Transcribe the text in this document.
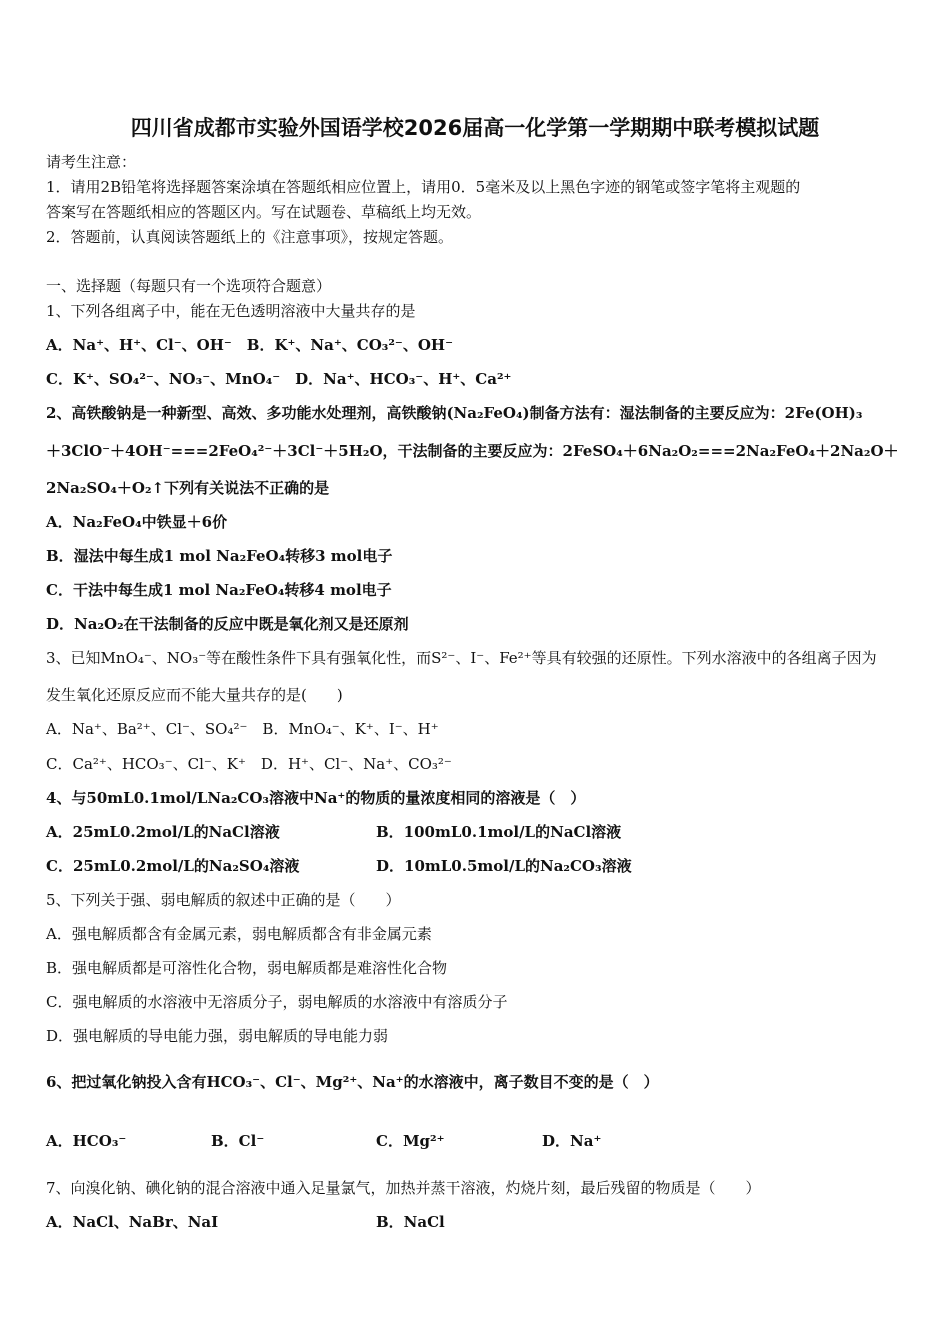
四川省成都市实验外国语学校2026届高一化学第一学期期中联考模拟试题
请考生注意：
1．请用2B铅笔将选择题答案涂填在答题纸相应位置上，请用0．5毫米及以上黑色字迹的钢笔或签字笔将主观题的
答案写在答题纸相应的答题区内。写在试题卷、草稿纸上均无效。
2．答题前，认真阅读答题纸上的《注意事项》，按规定答题。
一、选择题（每题只有一个选项符合题意）
1、下列各组离子中，能在无色透明溶液中大量共存的是
A．Na⁺、H⁺、Cl⁻、OH⁻　B．K⁺、Na⁺、CO₃²⁻、OH⁻
C．K⁺、SO₄²⁻、NO₃⁻、MnO₄⁻　D．Na⁺、HCO₃⁻、H⁺、Ca²⁺
2、高铁酸钠是一种新型、高效、多功能水处理剂，高铁酸钠(Na₂FeO₄)制备方法有：湿法制备的主要反应为：2Fe(OH)₃
＋3ClO⁻＋4OH⁻===2FeO₄²⁻＋3Cl⁻＋5H₂O，干法制备的主要反应为：2FeSO₄＋6Na₂O₂===2Na₂FeO₄＋2Na₂O＋
2Na₂SO₄＋O₂↑下列有关说法不正确的是
A．Na₂FeO₄中铁显＋6价
B．湿法中每生成1 mol Na₂FeO₄转移3 mol电子
C．干法中每生成1 mol Na₂FeO₄转移4 mol电子
D．Na₂O₂在干法制备的反应中既是氧化剂又是还原剂
3、已知MnO₄⁻、NO₃⁻等在酸性条件下具有强氧化性，而S²⁻、I⁻、Fe²⁺等具有较强的还原性。下列水溶液中的各组离子因为
发生氧化还原反应而不能大量共存的是(　　)
A．Na⁺、Ba²⁺、Cl⁻、SO₄²⁻　B．MnO₄⁻、K⁺、I⁻、H⁺
C．Ca²⁺、HCO₃⁻、Cl⁻、K⁺　D．H⁺、Cl⁻、Na⁺、CO₃²⁻
4、与50mL0.1mol/LNa₂CO₃溶液中Na⁺的物质的量浓度相同的溶液是（　）
A．25mL0.2mol/L的NaCl溶液	B．100mL0.1mol/L的NaCl溶液
C．25mL0.2mol/L的Na₂SO₄溶液	D．10mL0.5mol/L的Na₂CO₃溶液
5、下列关于强、弱电解质的叙述中正确的是（　　）
A．强电解质都含有金属元素，弱电解质都含有非金属元素
B．强电解质都是可溶性化合物，弱电解质都是难溶性化合物
C．强电解质的水溶液中无溶质分子，弱电解质的水溶液中有溶质分子
D．强电解质的导电能力强，弱电解质的导电能力弱
6、把过氧化钠投入含有HCO₃⁻、Cl⁻、Mg²⁺、Na⁺的水溶液中，离子数目不变的是（　）
A．HCO₃⁻	B．Cl⁻	C．Mg²⁺	D．Na⁺
7、向溴化钠、碘化钠的混合溶液中通入足量氯气，加热并蒸干溶液，灼烧片刻，最后残留的物质是（　　）
A．NaCl、NaBr、NaI	B．NaCl
